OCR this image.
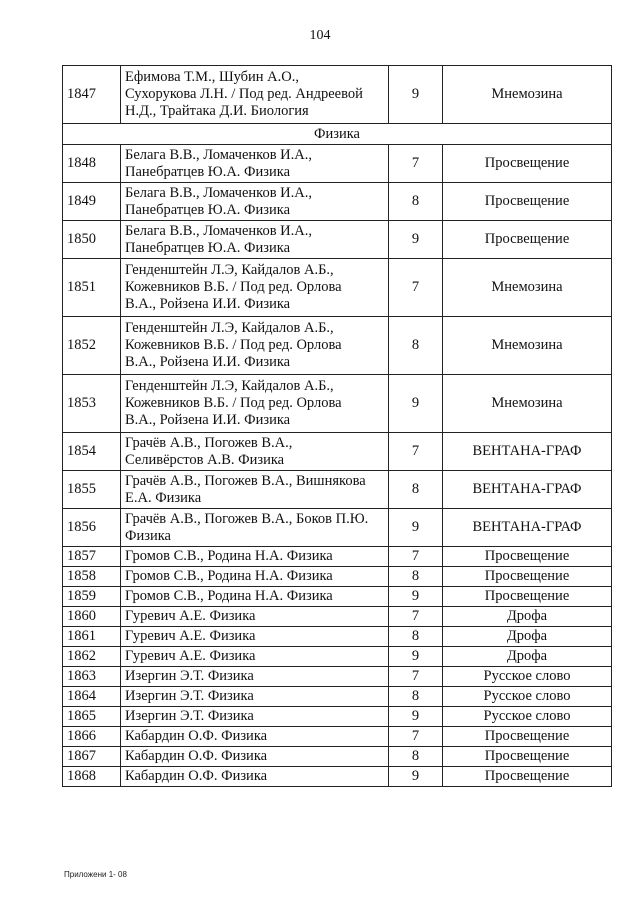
104
1847	Ефимова Т.М., Шубин А.О.,
Сухорукова Л.Н. / Под ред. Андреевой
Н.Д., Трайтака Д.И. Биология	9	Мнемозина
Физика			
1848	Белага В.В., Ломаченков И.А.,
Панебратцев Ю.А. Физика	7	Просвещение
1849	Белага В.В., Ломаченков И.А.,
Панебратцев Ю.А. Физика	8	Просвещение
1850	Белага В.В., Ломаченков И.А.,
Панебратцев Ю.А. Физика	9	Просвещение
1851	Генденштейн Л.Э, Кайдалов А.Б.,
Кожевников В.Б. / Под ред. Орлова
В.А., Ройзена И.И. Физика	7	Мнемозина
1852	Генденштейн Л.Э, Кайдалов А.Б.,
Кожевников В.Б. / Под ред. Орлова
В.А., Ройзена И.И. Физика	8	Мнемозина
1853	Генденштейн Л.Э, Кайдалов А.Б.,
Кожевников В.Б. / Под ред. Орлова
В.А., Ройзена И.И. Физика	9	Мнемозина
1854	Грачёв А.В., Погожев В.А.,
Селивёрстов А.В. Физика	7	ВЕНТАНА-ГРАФ
1855	Грачёв А.В., Погожев В.А., Вишнякова
Е.А. Физика	8	ВЕНТАНА-ГРАФ
1856	Грачёв А.В., Погожев В.А., Боков П.Ю.
Физика	9	ВЕНТАНА-ГРАФ
1857	Громов С.В., Родина Н.А. Физика	7	Просвещение
1858	Громов С.В., Родина Н.А. Физика	8	Просвещение
1859	Громов С.В., Родина Н.А. Физика	9	Просвещение
1860	Гуревич А.Е. Физика	7	Дрофа
1861	Гуревич А.Е. Физика	8	Дрофа
1862	Гуревич А.Е. Физика	9	Дрофа
1863	Изергин Э.Т. Физика	7	Русское слово
1864	Изергин Э.Т. Физика	8	Русское слово
1865	Изергин Э.Т. Физика	9	Русское слово
1866	Кабардин О.Ф. Физика	7	Просвещение
1867	Кабардин О.Ф. Физика	8	Просвещение
1868	Кабардин О.Ф. Физика	9	Просвещение
Приложени 1- 08
